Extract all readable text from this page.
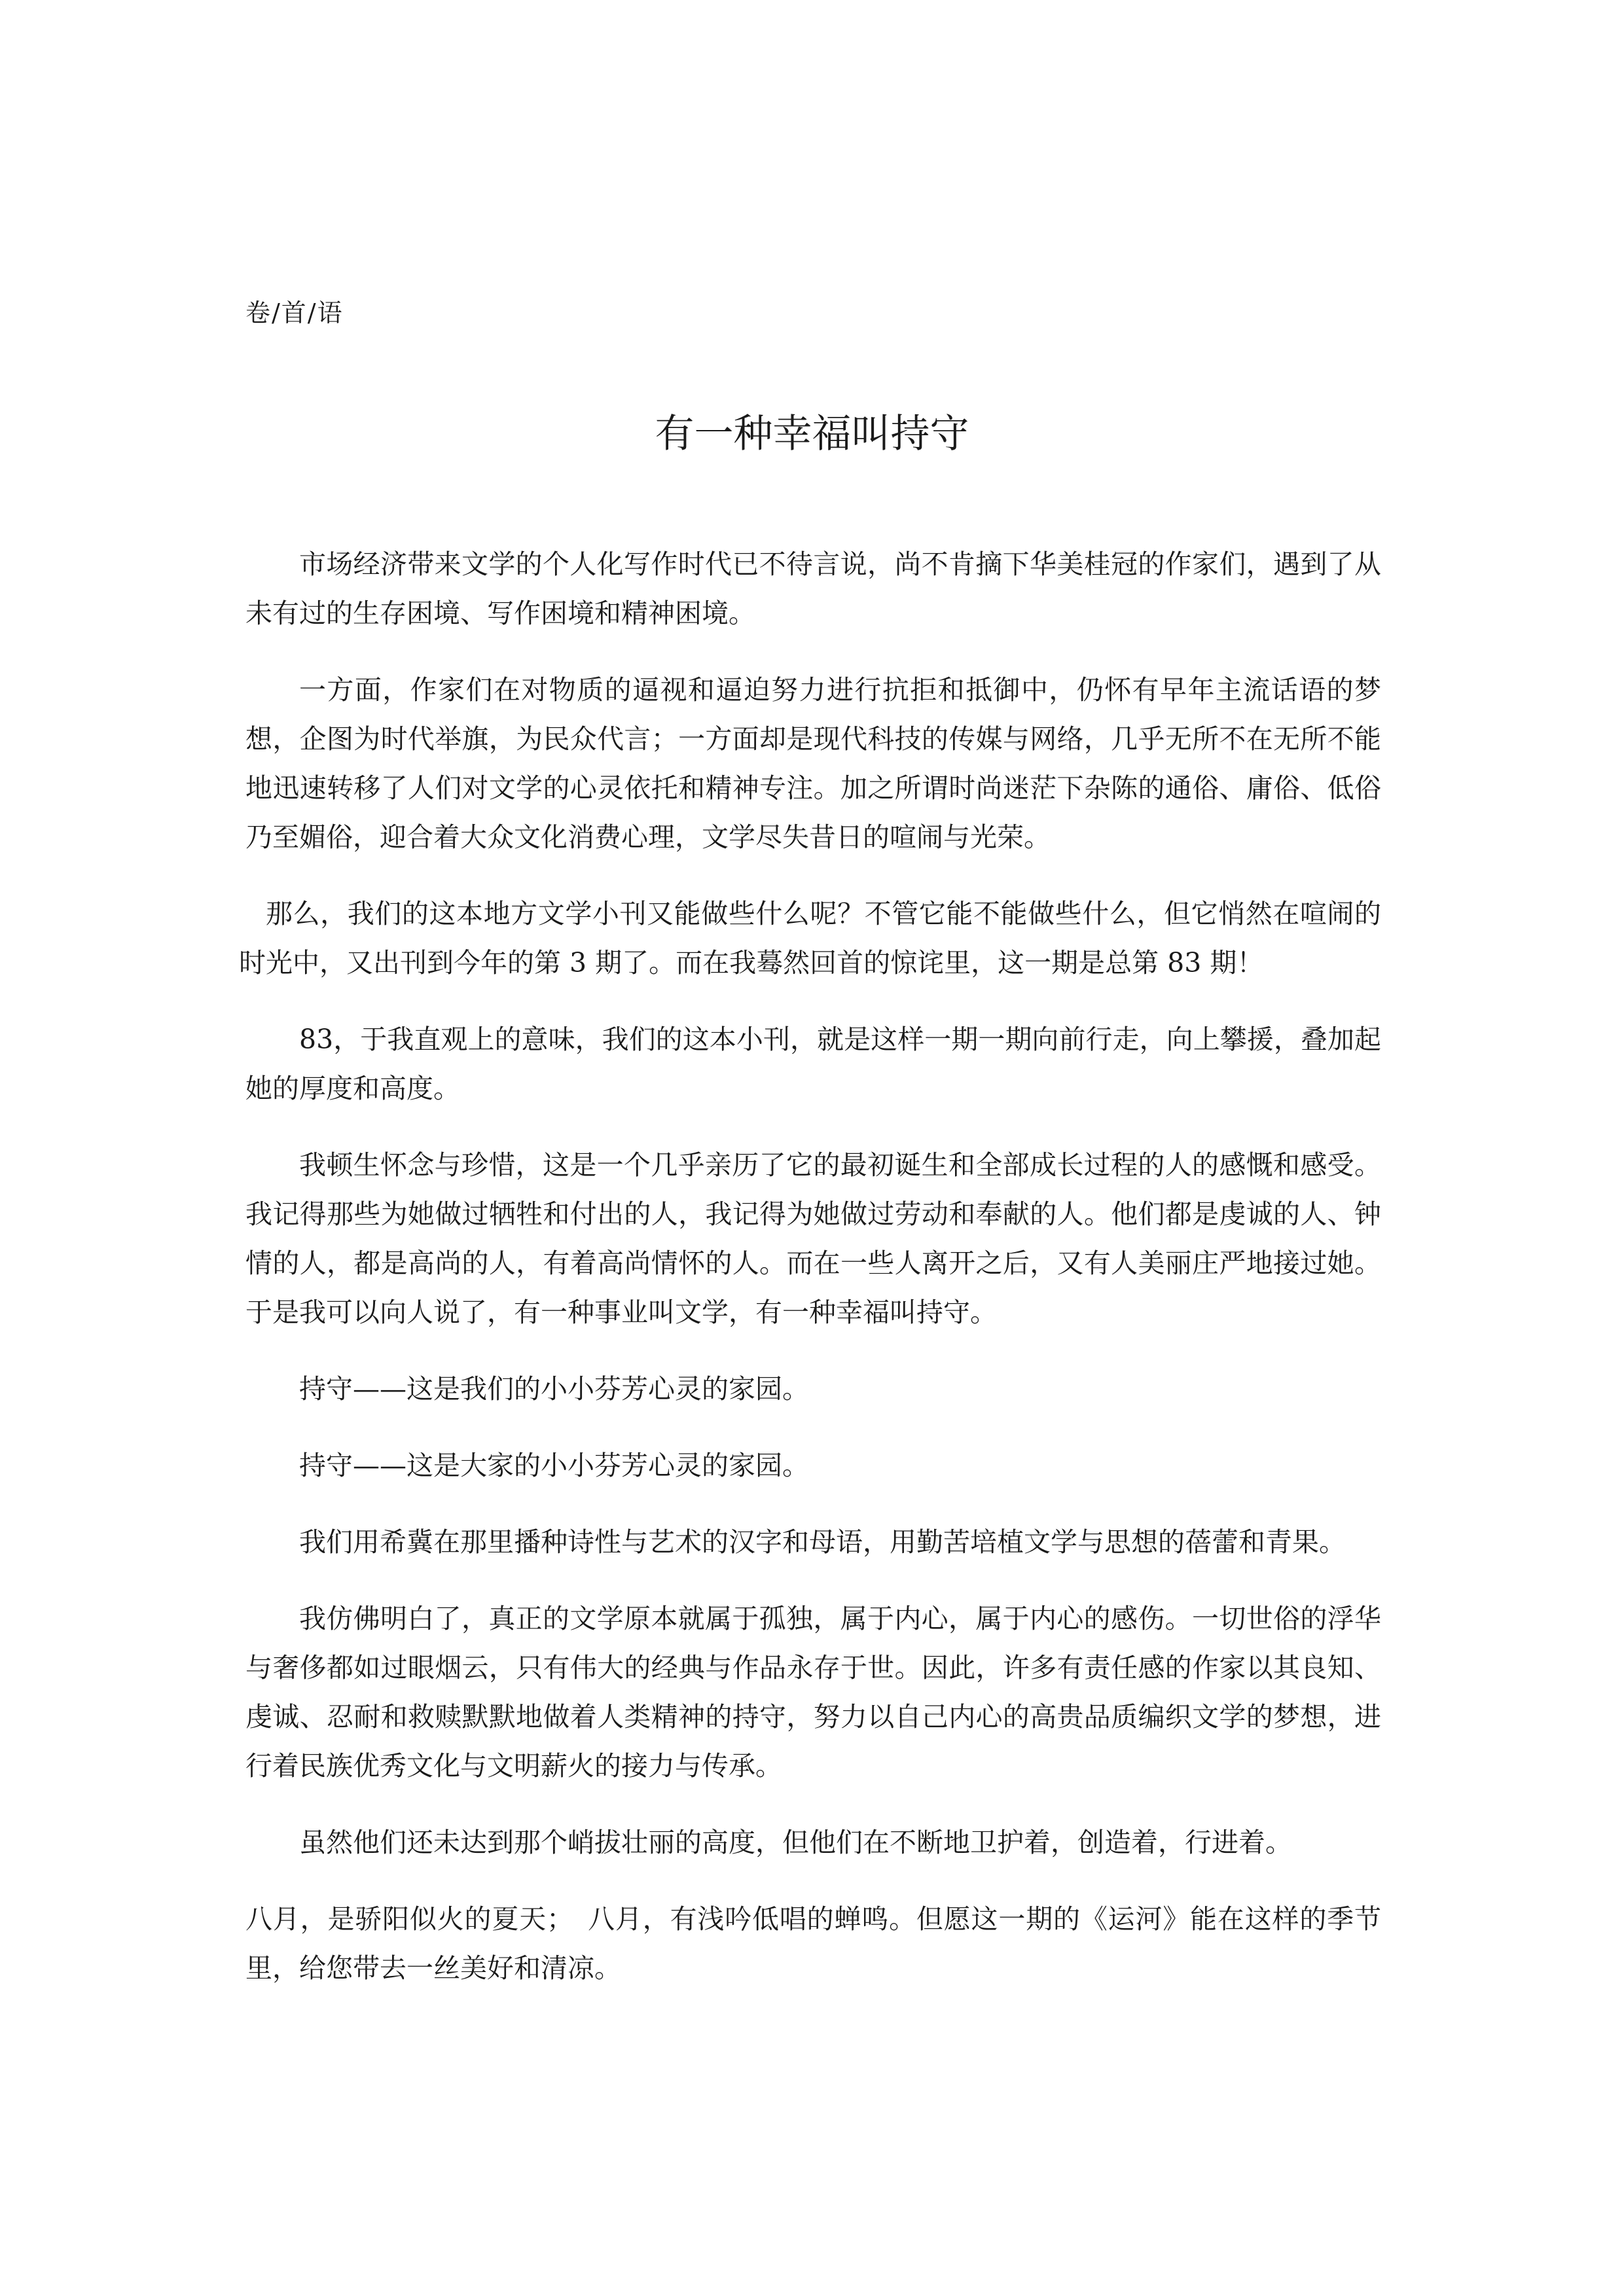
卷/首/语
有一种幸福叫持守

市场经济带来文学的个人化写作时代已不待言说，尚不肯摘下华美桂冠的作家们，遇到了从未有过的生存困境、写作困境和精神困境。

一方面，作家们在对物质的逼视和逼迫努力进行抗拒和抵御中，仍怀有早年主流话语的梦想，企图为时代举旗，为民众代言；一方面却是现代科技的传媒与网络，几乎无所不在无所不能地迅速转移了人们对文学的心灵依托和精神专注。加之所谓时尚迷茫下杂陈的通俗、庸俗、低俗乃至媚俗，迎合着大众文化消费心理，文学尽失昔日的喧闹与光荣。

那么，我们的这本地方文学小刊又能做些什么呢？不管它能不能做些什么，但它悄然在喧闹的时光中，又出刊到今年的第 3 期了。而在我蓦然回首的惊诧里，这一期是总第 83 期！

83，于我直观上的意味，我们的这本小刊，就是这样一期一期向前行走，向上攀援，叠加起她的厚度和高度。

我顿生怀念与珍惜，这是一个几乎亲历了它的最初诞生和全部成长过程的人的感慨和感受。我记得那些为她做过牺牲和付出的人，我记得为她做过劳动和奉献的人。他们都是虔诚的人、钟情的人，都是高尚的人，有着高尚情怀的人。而在一些人离开之后，又有人美丽庄严地接过她。于是我可以向人说了，有一种事业叫文学，有一种幸福叫持守。

持守——这是我们的小小芬芳心灵的家园。

持守——这是大家的小小芬芳心灵的家园。

我们用希冀在那里播种诗性与艺术的汉字和母语，用勤苦培植文学与思想的蓓蕾和青果。

我仿佛明白了，真正的文学原本就属于孤独，属于内心，属于内心的感伤。一切世俗的浮华与奢侈都如过眼烟云，只有伟大的经典与作品永存于世。因此，许多有责任感的作家以其良知、虔诚、忍耐和救赎默默地做着人类精神的持守，努力以自己内心的高贵品质编织文学的梦想，进行着民族优秀文化与文明薪火的接力与传承。

虽然他们还未达到那个峭拔壮丽的高度，但他们在不断地卫护着，创造着，行进着。

八月，是骄阳似火的夏天；　八月，有浅吟低唱的蝉鸣。但愿这一期的《运河》能在这样的季节里，给您带去一丝美好和清凉。
